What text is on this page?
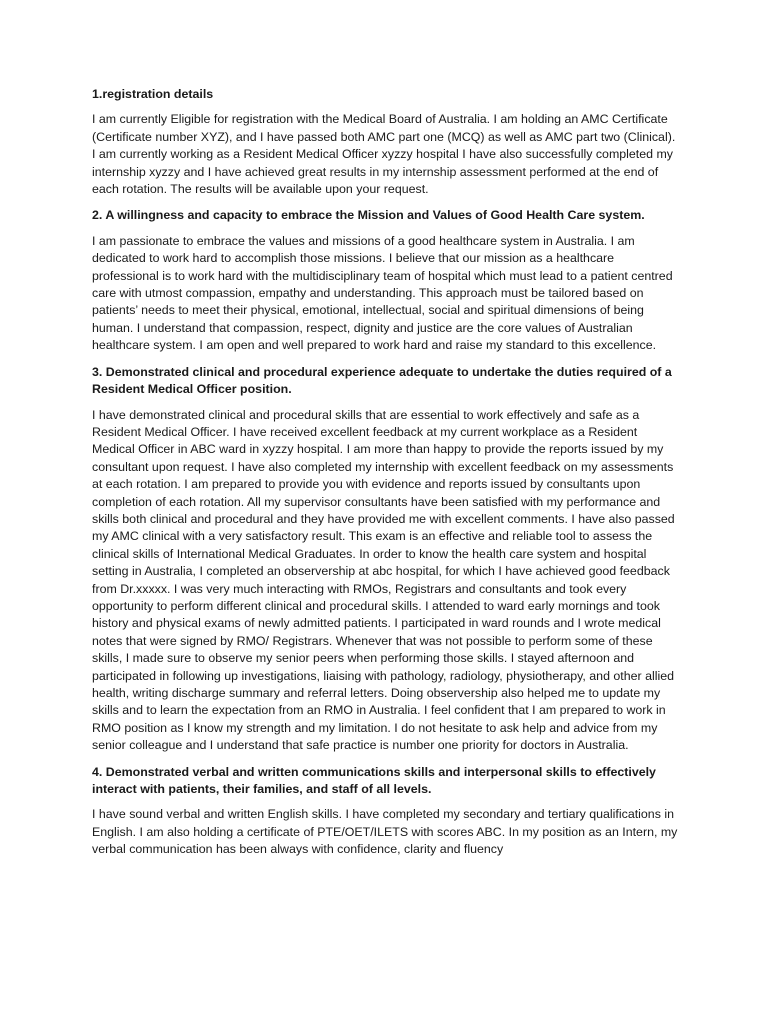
1.registration details

I am currently Eligible for registration with the Medical Board of Australia. I am holding an AMC Certificate (Certificate number XYZ), and I have passed both AMC part one (MCQ) as well as AMC part two (Clinical). I am currently working as a Resident Medical Officer xyzzy hospital I have also successfully completed my internship xyzzy and I have achieved great results in my internship assessment performed at the end of each rotation. The results will be available upon your request.

2. A willingness and capacity to embrace the Mission and Values of Good Health Care system.

I am passionate to embrace the values and missions of a good healthcare system in Australia. I am dedicated to work hard to accomplish those missions. I believe that our mission as a healthcare professional is to work hard with the multidisciplinary team of hospital which must lead to a patient centred care with utmost compassion, empathy and understanding. This approach must be tailored based on patients’ needs to meet their physical, emotional, intellectual, social and spiritual dimensions of being human. I understand that compassion, respect, dignity and justice are the core values of Australian healthcare system. I am open and well prepared to work hard and raise my standard to this excellence.

3. Demonstrated clinical and procedural experience adequate to undertake the duties required of a Resident Medical Officer position.

I have demonstrated clinical and procedural skills that are essential to work effectively and safe as a Resident Medical Officer. I have received excellent feedback at my current workplace as a Resident Medical Officer in ABC ward in xyzzy hospital. I am more than happy to provide the reports issued by my consultant upon request. I have also completed my internship with excellent feedback on my assessments at each rotation. I am prepared to provide you with evidence and reports issued by consultants upon completion of each rotation. All my supervisor consultants have been satisfied with my performance and skills both clinical and procedural and they have provided me with excellent comments. I have also passed my AMC clinical with a very satisfactory result. This exam is an effective and reliable tool to assess the clinical skills of International Medical Graduates. In order to know the health care system and hospital setting in Australia, I completed an observership at abc hospital, for which I have achieved good feedback from Dr.xxxxx. I was very much interacting with RMOs, Registrars and consultants and took every opportunity to perform different clinical and procedural skills. I attended to ward early mornings and took history and physical exams of newly admitted patients. I participated in ward rounds and I wrote medical notes that were signed by RMO/ Registrars. Whenever that was not possible to perform some of these skills, I made sure to observe my senior peers when performing those skills. I stayed afternoon and participated in following up investigations, liaising with pathology, radiology, physiotherapy, and other allied health, writing discharge summary and referral letters. Doing observership also helped me to update my skills and to learn the expectation from an RMO in Australia. I feel confident that I am prepared to work in RMO position as I know my strength and my limitation. I do not hesitate to ask help and advice from my senior colleague and I understand that safe practice is number one priority for doctors in Australia.

4. Demonstrated verbal and written communications skills and interpersonal skills to effectively interact with patients, their families, and staff of all levels.

I have sound verbal and written English skills. I have completed my secondary and tertiary qualifications in English. I am also holding a certificate of PTE/OET/ILETS with scores ABC. In my position as an Intern, my verbal communication has been always with confidence, clarity and fluency
